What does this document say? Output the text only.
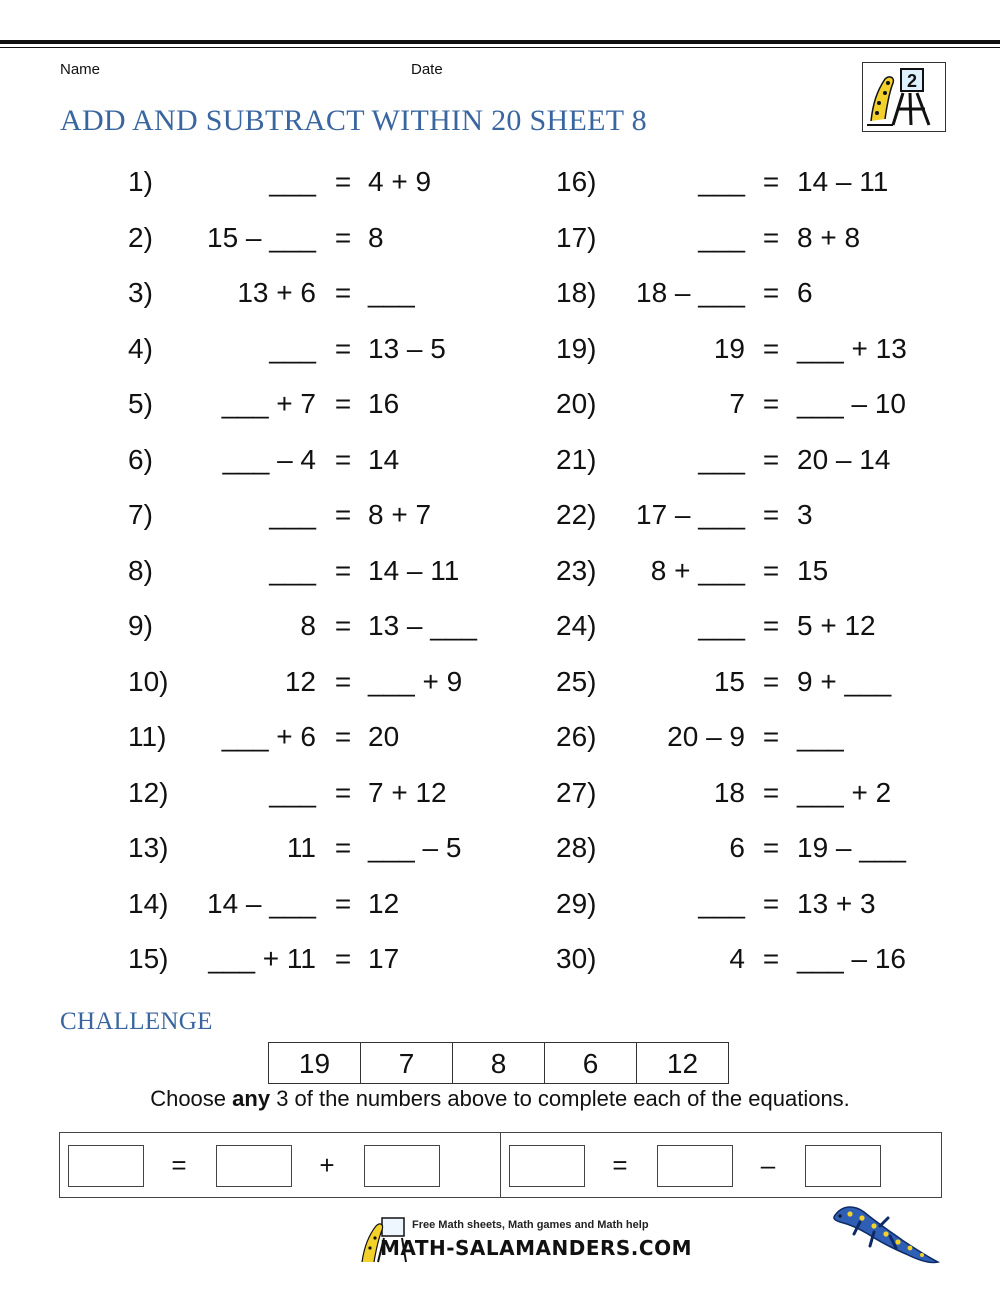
Name	Date
ADD AND SUBTRACT WITHIN 20 SHEET 8
2
1)	___ = 4 + 9
2)	15 – ___ = 8
3)	13 + 6 = ___
4)	___ = 13 – 5
5)	___ + 7 = 16
6)	___ – 4 = 14
7)	___ = 8 + 7
8)	___ = 14 – 11
9)	8 = 13 – ___
10)	12 = ___ + 9
11)	___ + 6 = 20
12)	___ = 7 + 12
13)	11 = ___ – 5
14)	14 – ___ = 12
15)	___ + 11 = 17
16)	___ = 14 – 11
17)	___ = 8 + 8
18)	18 – ___ = 6
19)	19 = ___ + 13
20)	7 = ___ – 10
21)	___ = 20 – 14
22)	17 – ___ = 3
23)	8 + ___ = 15
24)	___ = 5 + 12
25)	15 = 9 + ___
26)	20 – 9 = ___
27)	18 = ___ + 2
28)	6 = 19 – ___
29)	___ = 13 + 3
30)	4 = ___ – 16
CHALLENGE
19	7	8	6	12
Choose any 3 of the numbers above to complete each of the equations.
=	+	=	–
Free Math sheets, Math games and Math help
MATH-SALAMANDERS.COM
